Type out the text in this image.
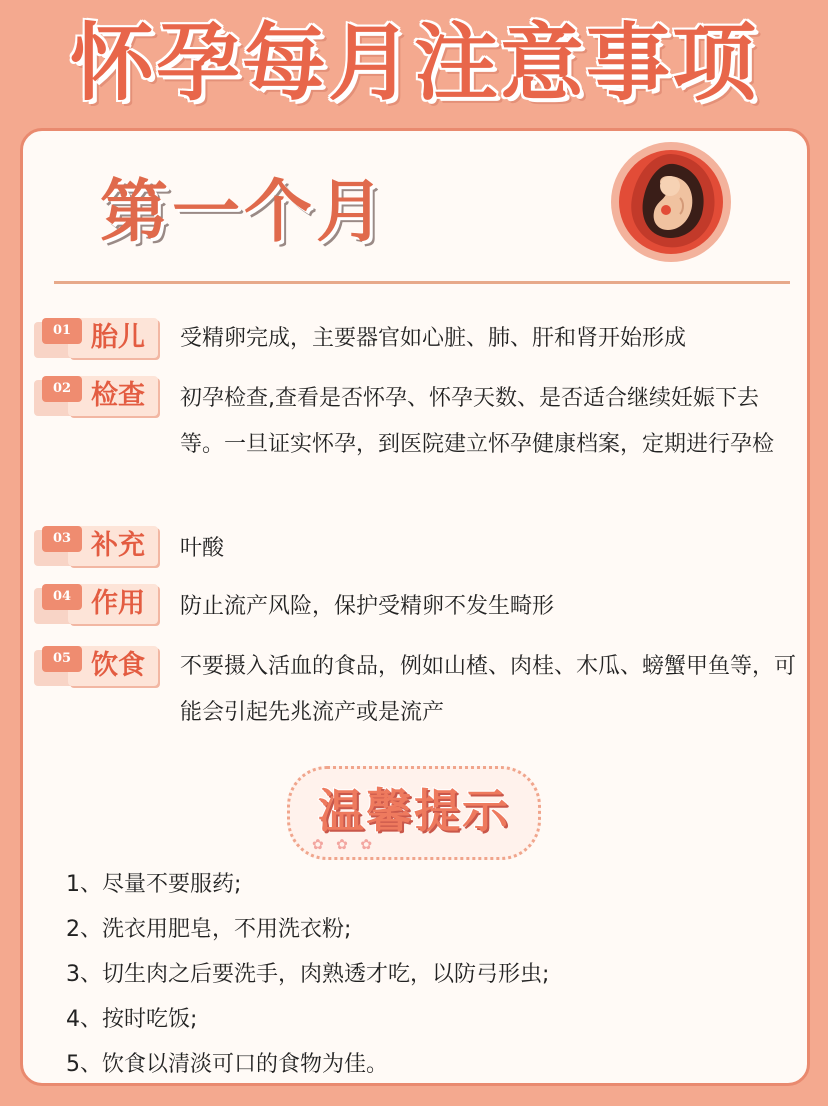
怀孕每月注意事项
第一个月
01 胎儿	受精卵完成，主要器官如心脏、肺、肝和肾开始形成
02 检查	初孕检查,查看是否怀孕、怀孕天数、是否适合继续妊娠下去等。一旦证实怀孕，到医院建立怀孕健康档案，定期进行孕检
03 补充	叶酸
04 作用	防止流产风险，保护受精卵不发生畸形
05 饮食	不要摄入活血的食品，例如山楂、肉桂、木瓜、螃蟹甲鱼等，可能会引起先兆流产或是流产
温馨提示
✿ ✿ ✿
1、尽量不要服药;
2、洗衣用肥皂，不用洗衣粉;
3、切生肉之后要洗手，肉熟透才吃，以防弓形虫;
4、按时吃饭;
5、饮食以清淡可口的食物为佳。
